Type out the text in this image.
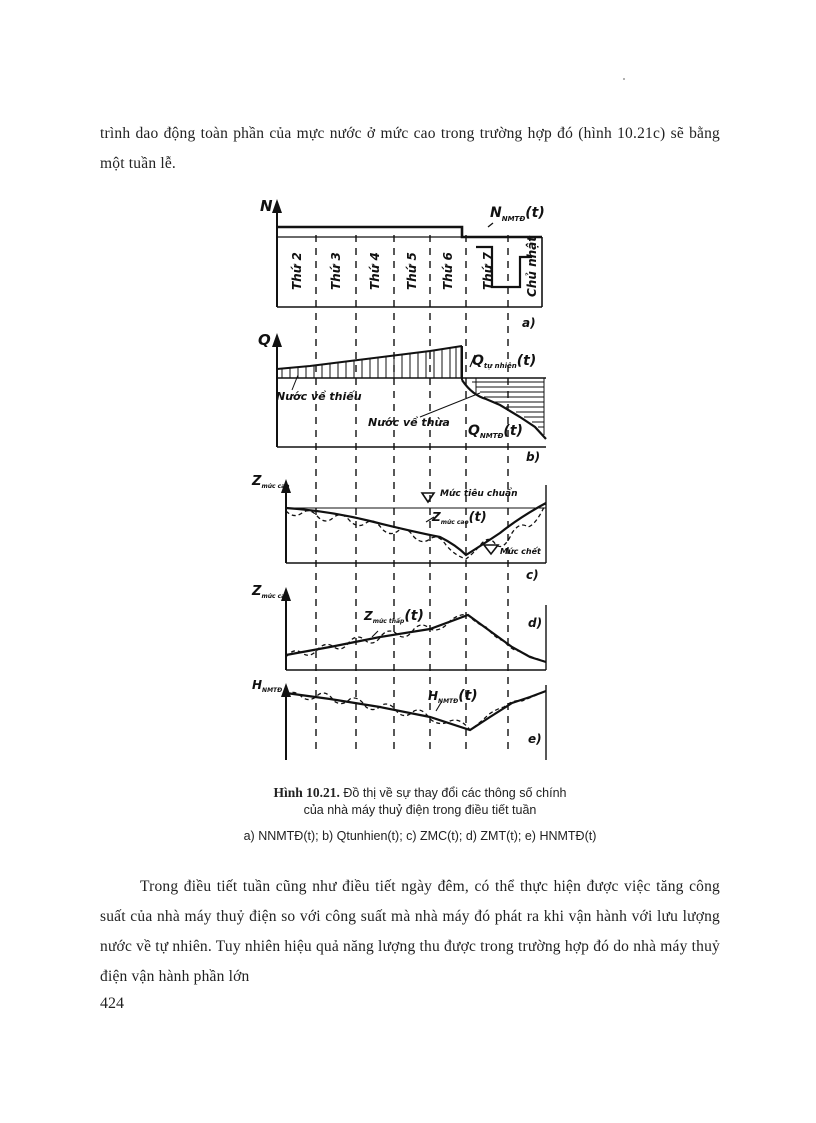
trình dao động toàn phần của mực nước ở mức cao trong trường hợp đó (hình 10.21c) sẽ bằng một tuần lễ.

N	$N_{NMTĐ}(t)$
Thứ 2 Thứ 3 Thứ 4 Thứ 5 Thứ 6 Thứ 7	Chủ nhật
a)
Q
Qtự nhiên(t)
Nước về thiếu
Nước về thừa
QNMTĐ(t)
b)
Zmức cao
Mức tiêu chuẩn
Mức chết
Zmức cao(t)
c)
Zmức cao
Zmức thấp(t)	d)
HNMTĐ	HNMTĐ(t)
e)
Hình 10.21. Đồ thị về sự thay đổi các thông số chính
của nhà máy thuỷ điện trong điều tiết tuần
a) NNMTĐ(t); b) Qtunhien(t); c) ZMC(t); d) ZMT(t); e) HNMTĐ(t)

Trong điều tiết tuần cũng như điều tiết ngày đêm, có thể thực hiện được việc tăng công suất của nhà máy thuỷ điện so với công suất mà nhà máy đó phát ra khi vận hành với lưu lượng nước về tự nhiên. Tuy nhiên hiệu quả năng lượng thu được trong trường hợp đó do nhà máy thuỷ điện vận hành phần lớn

424
